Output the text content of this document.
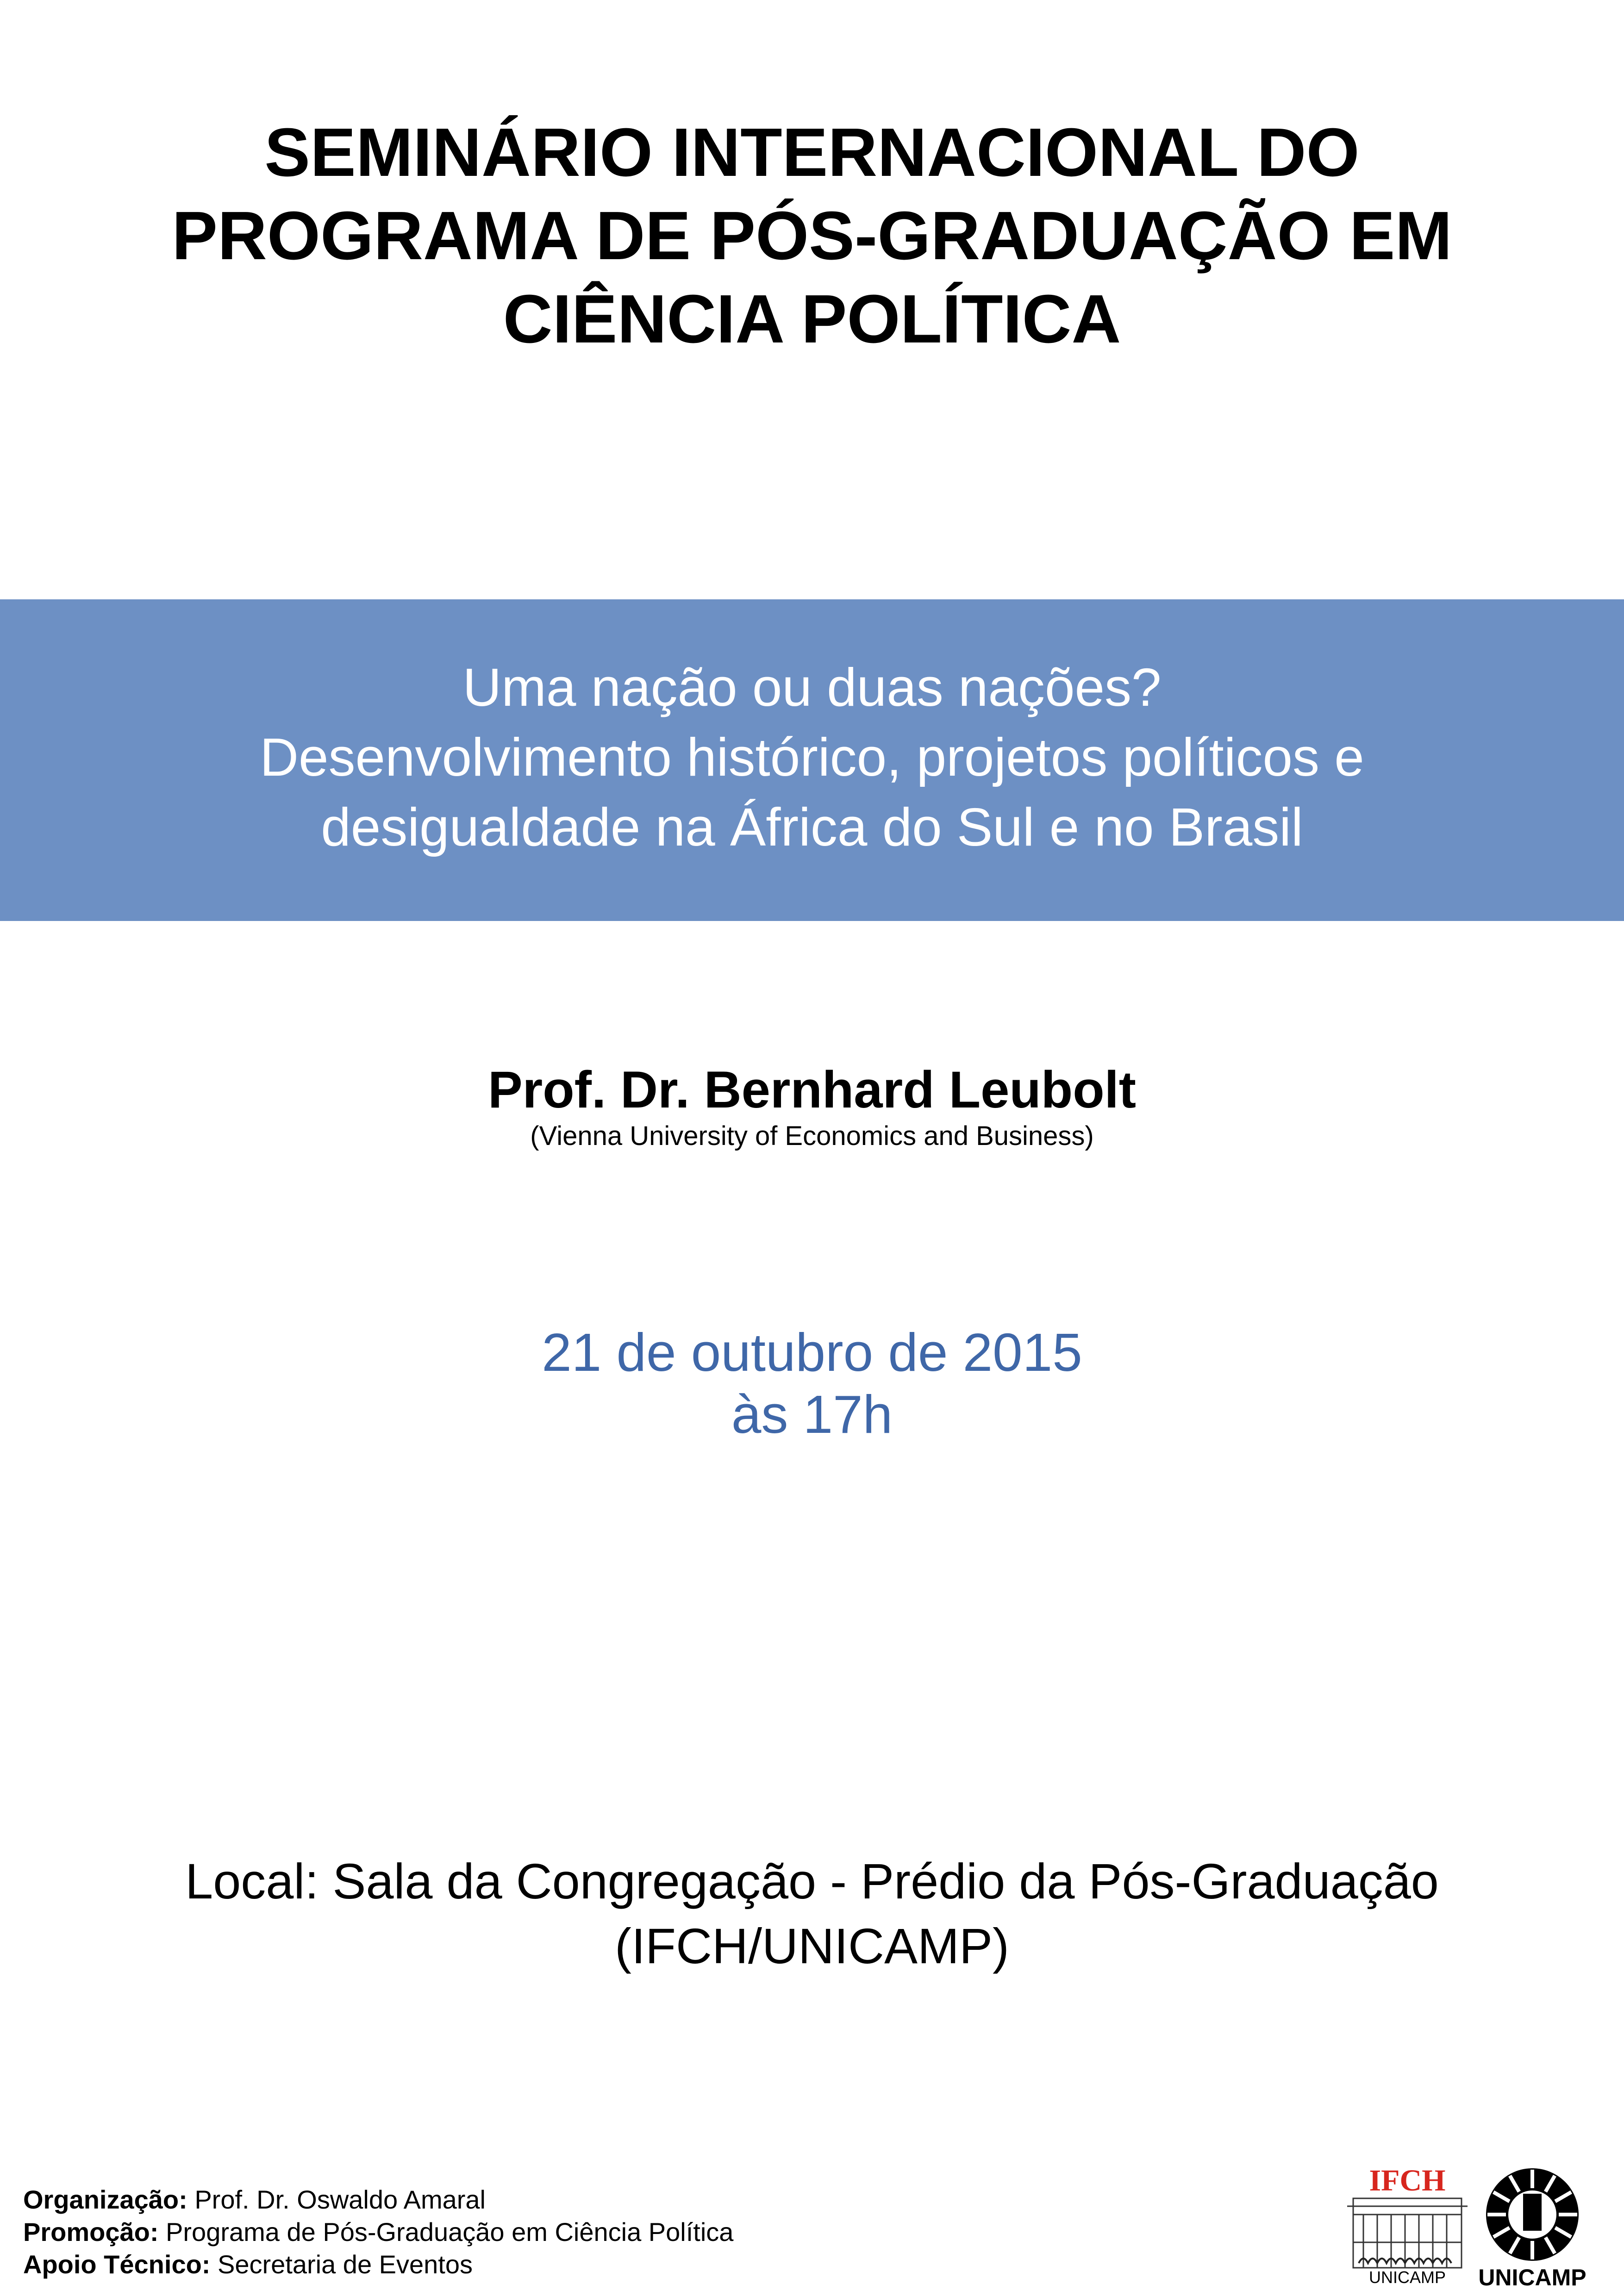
SEMINÁRIO INTERNACIONAL DO
PROGRAMA DE PÓS-GRADUAÇÃO EM
CIÊNCIA POLÍTICA
Uma nação ou duas nações?
Desenvolvimento histórico, projetos políticos e
desigualdade na África do Sul e no Brasil
Prof. Dr. Bernhard Leubolt
(Vienna University of Economics and Business)
21 de outubro de 2015
às 17h
Local: Sala da Congregação - Prédio da Pós-Graduação
(IFCH/UNICAMP)
Organização: Prof. Dr. Oswaldo Amaral
Promoção: Programa de Pós-Graduação em Ciência Política
Apoio Técnico: Secretaria de Eventos
IFCH
UNICAMP UNICAMP
